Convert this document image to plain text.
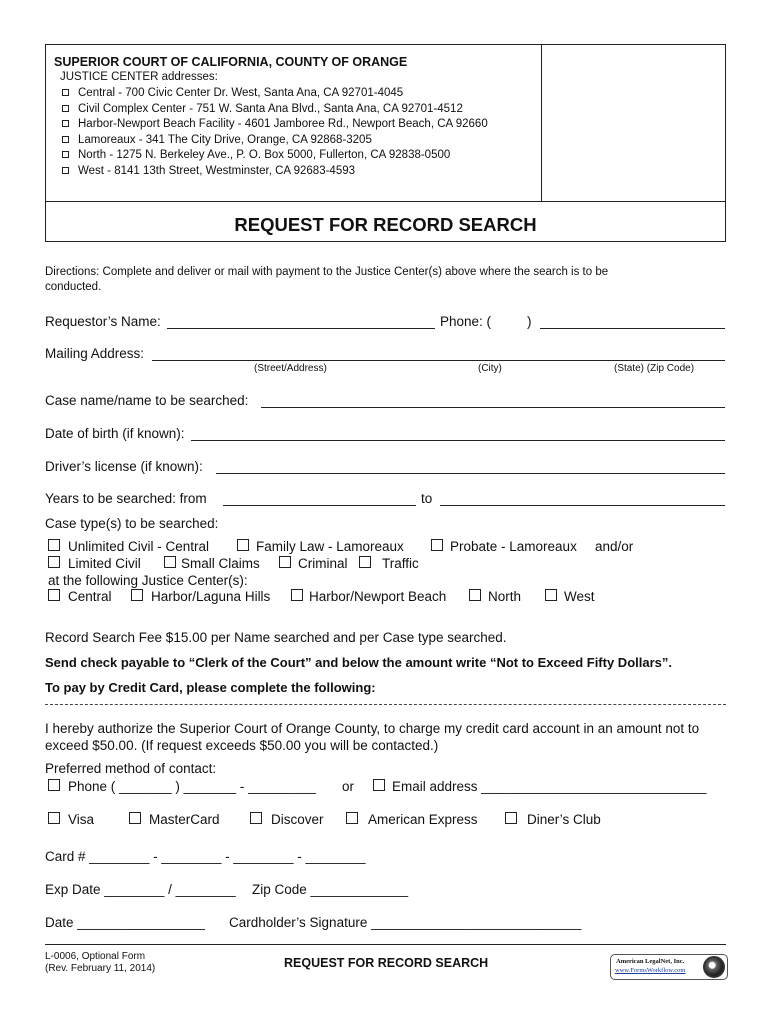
SUPERIOR COURT OF CALIFORNIA, COUNTY OF ORANGE
JUSTICE CENTER addresses:
Central - 700 Civic Center Dr. West, Santa Ana, CA 92701-4045
Civil Complex Center - 751 W. Santa Ana Blvd., Santa Ana, CA 92701-4512
Harbor-Newport Beach Facility - 4601 Jamboree Rd., Newport Beach, CA 92660
Lamoreaux - 341 The City Drive, Orange, CA 92868-3205
North - 1275 N. Berkeley Ave., P. O. Box 5000, Fullerton, CA 92838-0500
West - 8141 13th Street, Westminster, CA 92683-4593
REQUEST FOR RECORD SEARCH
Directions: Complete and deliver or mail with payment to the Justice Center(s) above where the search is to be
conducted.
Requestor’s Name:	Phone: (	)
Mailing Address:
(Street/Address)	(City)	(State) (Zip Code)
Case name/name to be searched:
Date of birth (if known):
Driver’s license (if known):
Years to be searched: from	to
Case type(s) to be searched:
Unlimited Civil - Central	Family Law - Lamoreaux	Probate - Lamoreaux and/or
Limited Civil	Small Claims	Criminal	Traffic
at the following Justice Center(s):
Central	Harbor/Laguna Hills	Harbor/Newport Beach	North	West
Record Search Fee $15.00 per Name searched and per Case type searched.
Send check payable to “Clerk of the Court” and below the amount write “Not to Exceed Fifty Dollars”.
To pay by Credit Card, please complete the following:
I hereby authorize the Superior Court of Orange County, to charge my credit card account in an amount not to
exceed $50.00. (If request exceeds $50.00 you will be contacted.)
Preferred method of contact:
Phone ( _______ ) _______ - _________ or	Email address ______________________________
Visa	MasterCard	Discover	American Express	Diner’s Club
Card # ________ - ________ - ________ - ________
Exp Date ________ / ________ Zip Code _____________
Date _________________ Cardholder’s Signature ____________________________
L-0006, Optional Form
(Rev. February 11, 2014)	REQUEST FOR RECORD SEARCH	American LegalNet, Inc.
www.FormsWorkflow.com
